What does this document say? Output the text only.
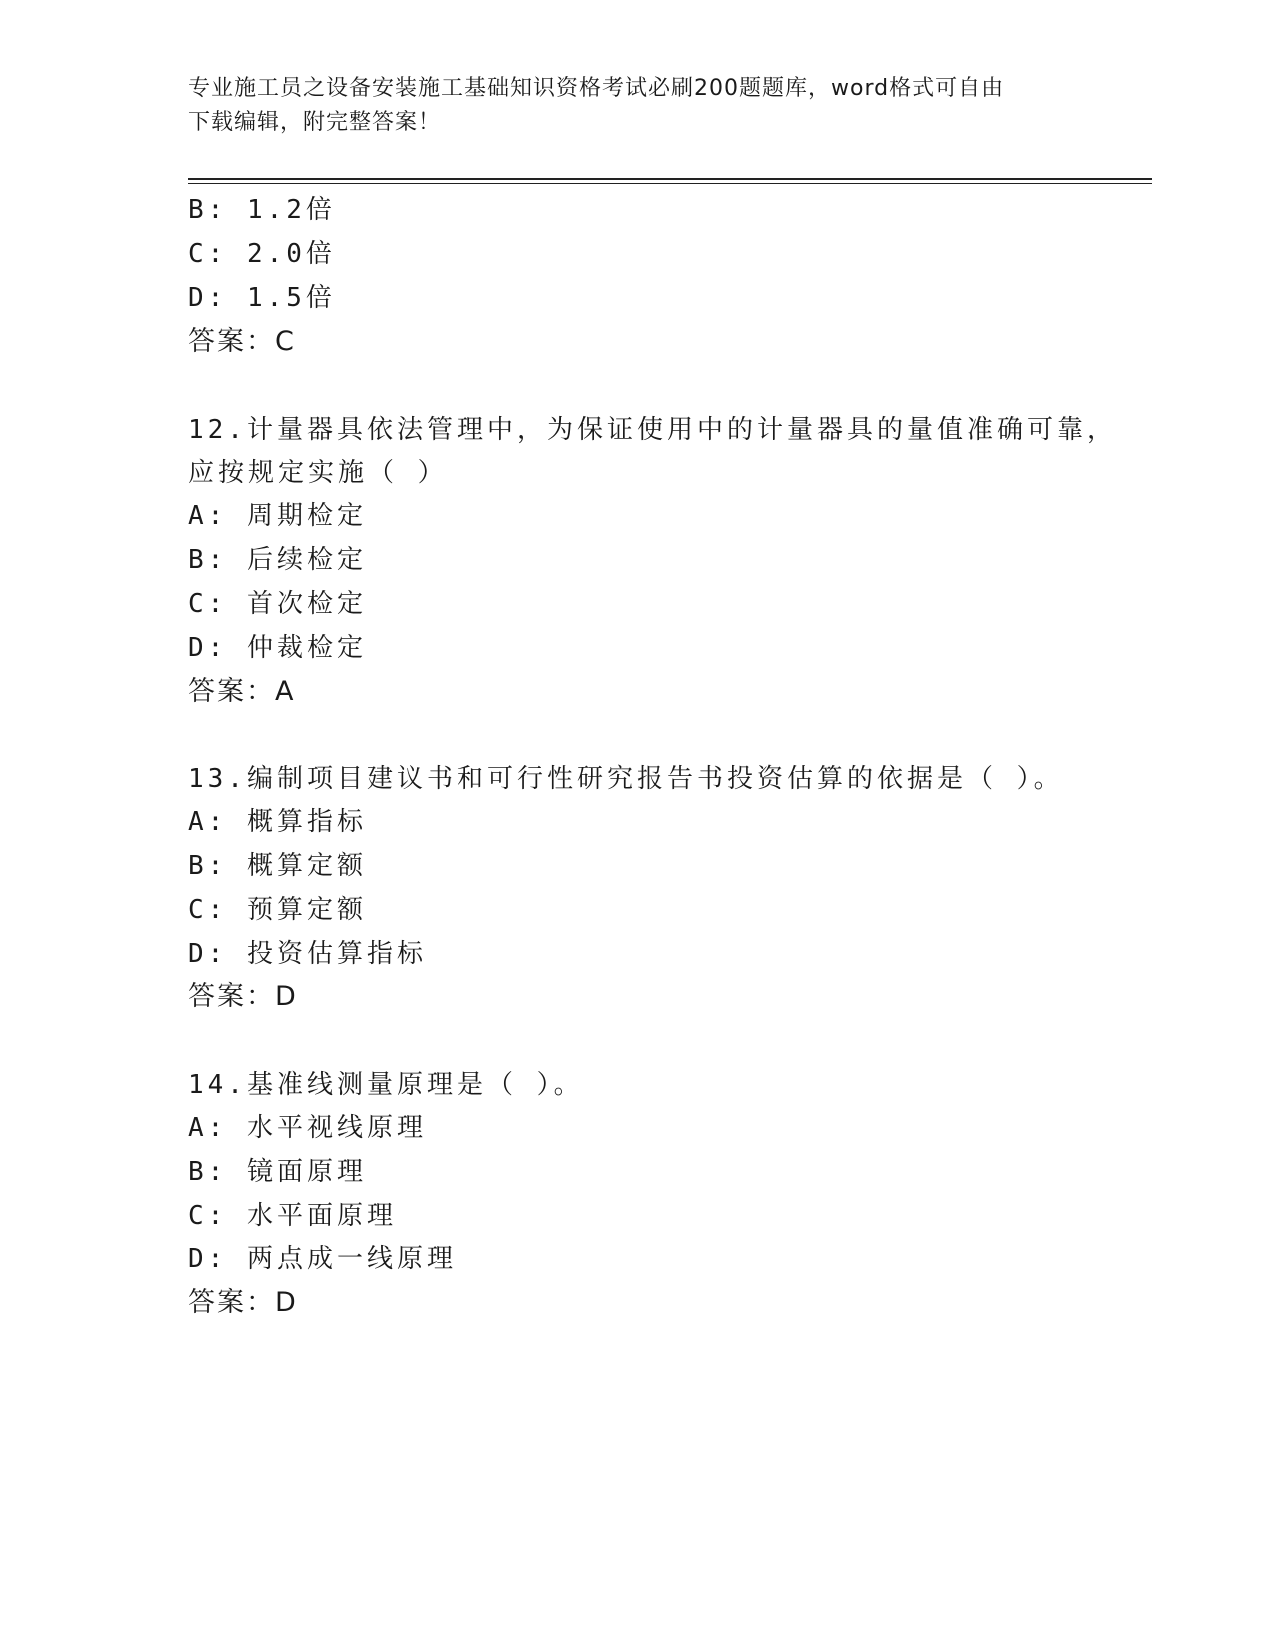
专业施工员之设备安装施工基础知识资格考试必刷200题题库，word格式可自由
下载编辑，附完整答案！
B: 1.2倍
C: 2.0倍
D: 1.5倍
答案：C
12.计量器具依法管理中，为保证使用中的计量器具的量值准确可靠，
应按规定实施（ ）
A: 周期检定
B: 后续检定
C: 首次检定
D: 仲裁检定
答案：A
13.编制项目建议书和可行性研究报告书投资估算的依据是（ ）。
A: 概算指标
B: 概算定额
C: 预算定额
D: 投资估算指标
答案：D
14.基准线测量原理是（ ）。
A: 水平视线原理
B: 镜面原理
C: 水平面原理
D: 两点成一线原理
答案：D
